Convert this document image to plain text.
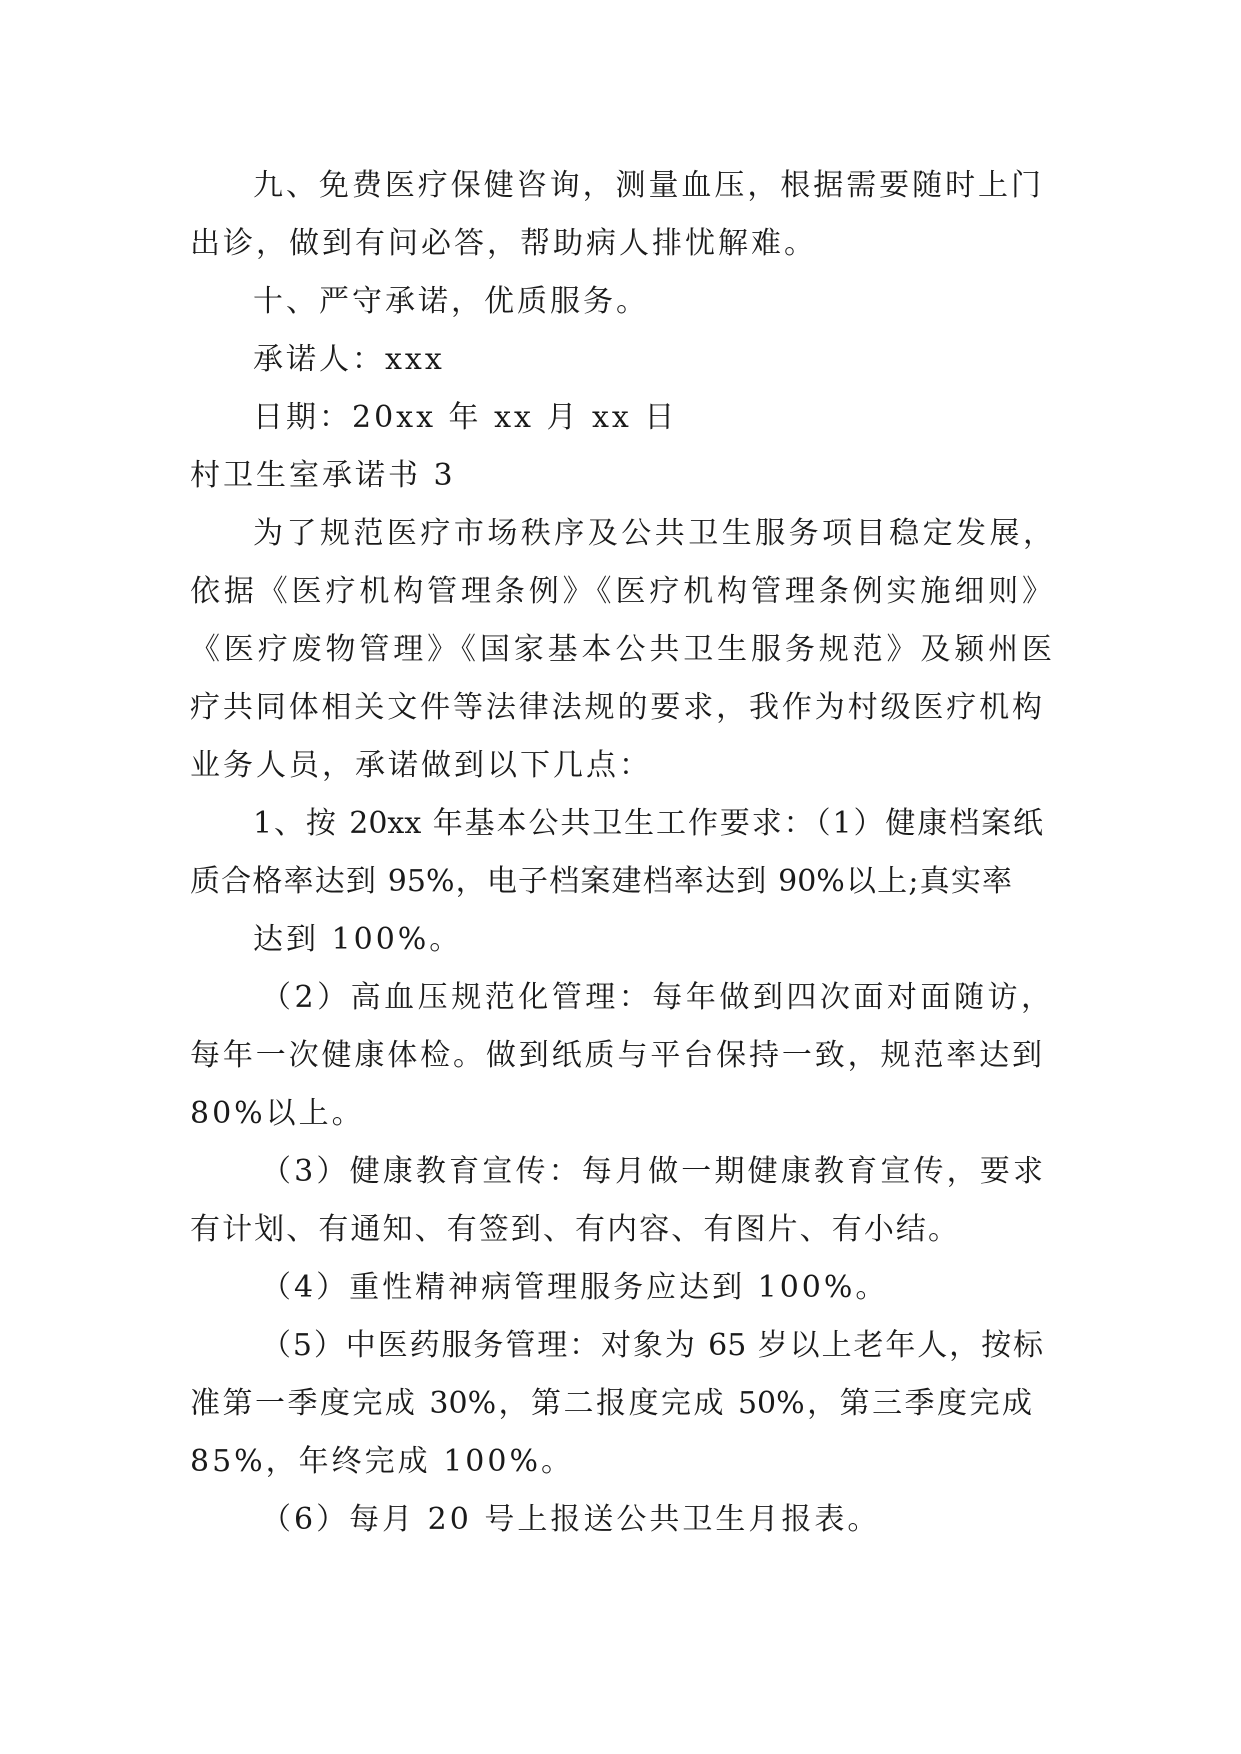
九、免费医疗保健咨询，测量血压，根据需要随时上门
出诊，做到有问必答，帮助病人排忧解难。
十、严守承诺，优质服务。
承诺人：xxx
日期：20xx 年 xx 月 xx 日
村卫生室承诺书 3
为了规范医疗市场秩序及公共卫生服务项目稳定发展，
依据《医疗机构管理条例》《医疗机构管理条例实施细则》
《医疗废物管理》《国家基本公共卫生服务规范》及颍州医
疗共同体相关文件等法律法规的要求，我作为村级医疗机构
业务人员，承诺做到以下几点：
1、按 20xx 年基本公共卫生工作要求：（1）健康档案纸
质合格率达到 95%，电子档案建档率达到 90%以上;真实率
达到 100%。
（2）高血压规范化管理：每年做到四次面对面随访，
每年一次健康体检。做到纸质与平台保持一致，规范率达到
80%以上。
（3）健康教育宣传：每月做一期健康教育宣传，要求
有计划、有通知、有签到、有内容、有图片、有小结。
（4）重性精神病管理服务应达到 100%。
（5）中医药服务管理：对象为 65 岁以上老年人，按标
准第一季度完成 30%，第二报度完成 50%，第三季度完成
85%，年终完成 100%。
（6）每月 20 号上报送公共卫生月报表。
